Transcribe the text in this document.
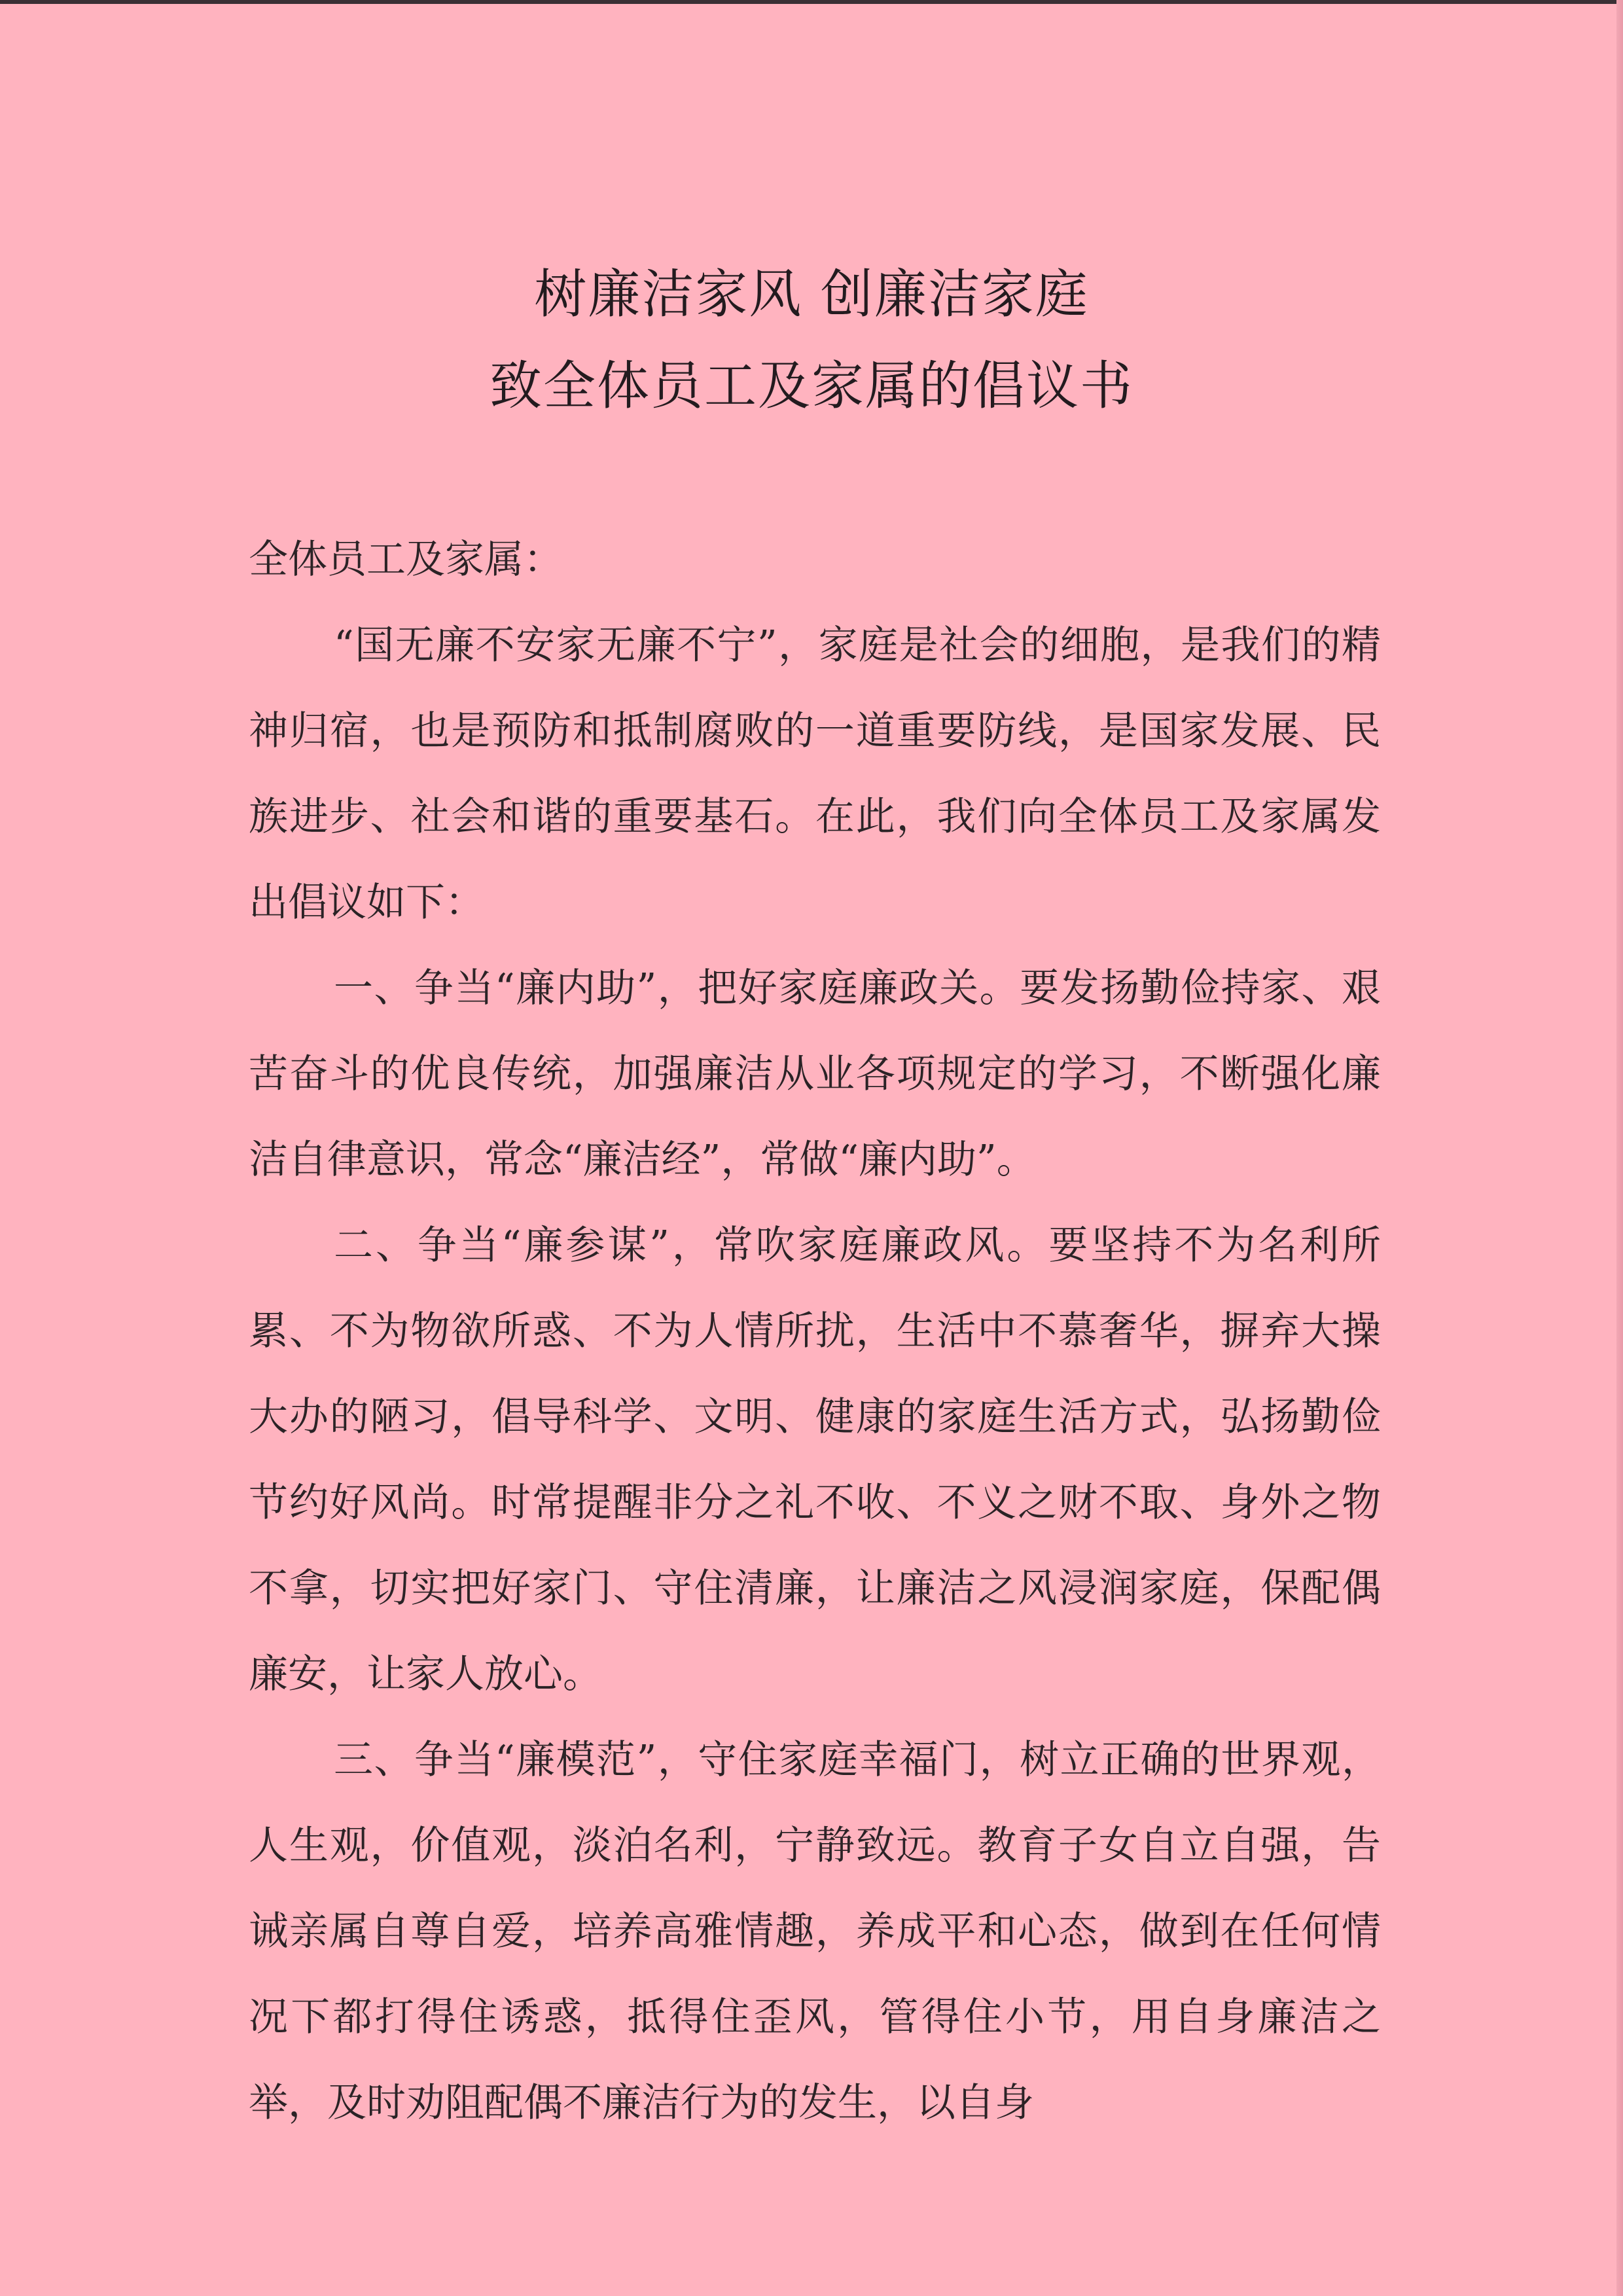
树廉洁家风 创廉洁家庭
致全体员工及家属的倡议书

全体员工及家属：

“国无廉不安家无廉不宁”，家庭是社会的细胞，是我们的精神归宿，也是预防和抵制腐败的一道重要防线，是国家发展、民族进步、社会和谐的重要基石。在此，我们向全体员工及家属发出倡议如下：

一、争当“廉内助”，把好家庭廉政关。要发扬勤俭持家、艰苦奋斗的优良传统，加强廉洁从业各项规定的学习，不断强化廉洁自律意识，常念“廉洁经”，常做“廉内助”。

二、争当“廉参谋”，常吹家庭廉政风。要坚持不为名利所累、不为物欲所惑、不为人情所扰，生活中不慕奢华，摒弃大操大办的陋习，倡导科学、文明、健康的家庭生活方式，弘扬勤俭节约好风尚。时常提醒非分之礼不收、不义之财不取、身外之物不拿，切实把好家门、守住清廉，让廉洁之风浸润家庭，保配偶廉安，让家人放心。

三、争当“廉模范”，守住家庭幸福门，树立正确的世界观，人生观，价值观，淡泊名利，宁静致远。教育子女自立自强，告诫亲属自尊自爱，培养高雅情趣，养成平和心态，做到在任何情况下都打得住诱惑，抵得住歪风，管得住小节，用自身廉洁之举，及时劝阻配偶不廉洁行为的发生，以自身
